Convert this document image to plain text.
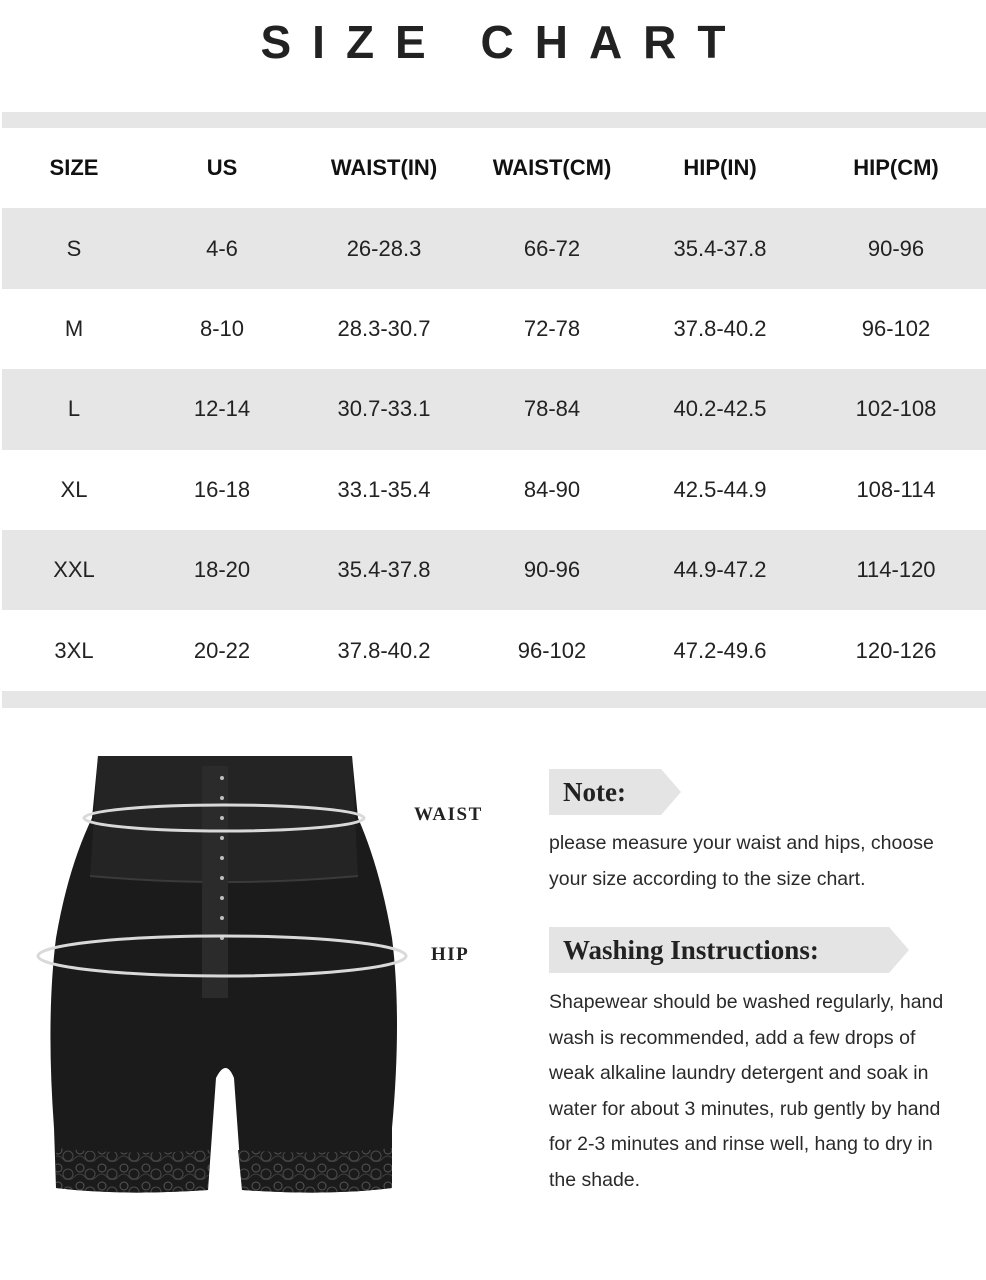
SIZE CHART
SIZE	US	WAIST(IN)	WAIST(CM)	HIP(IN)	HIP(CM)
S	4-6	26-28.3	66-72	35.4-37.8	90-96
M	8-10	28.3-30.7	72-78	37.8-40.2	96-102
L	12-14	30.7-33.1	78-84	40.2-42.5	102-108
XL	16-18	33.1-35.4	84-90	42.5-44.9	108-114
XXL	18-20	35.4-37.8	90-96	44.9-47.2	114-120
3XL	20-22	37.8-40.2	96-102	47.2-49.6	120-126
WAIST
HIP
Note:
please measure your waist and hips, choose
your size according to the size chart.
Washing Instructions:
Shapewear should be washed regularly, hand
wash is recommended, add a few drops of
weak alkaline laundry detergent and soak in
water for about 3 minutes, rub gently by hand
for 2-3 minutes and rinse well, hang to dry in
the shade.
